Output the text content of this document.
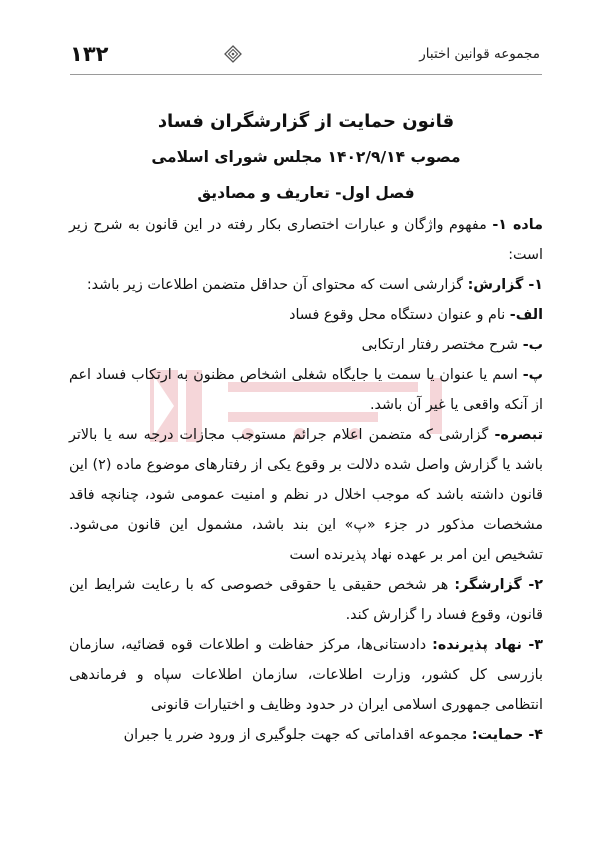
۱۳۲	مجموعه قوانین اختبار
قانون حمایت از گزارشگران فساد
مصوب ۱۴۰۲/۹/۱۴ مجلس شورای اسلامی
فصل اول- تعاریف و مصادیق

ماده ۱- مفهوم واژگان و عبارات اختصاری بکار رفته در این قانون به شرح زیر است:

۱- گزارش: گزارشی است که محتوای آن حداقل متضمن اطلاعات زیر باشد:

الف- نام و عنوان دستگاه محل وقوع فساد

ب- شرح مختصر رفتار ارتکابی

پ- اسم یا عنوان یا سمت یا جایگاه شغلی اشخاص مظنون به ارتکاب فساد اعم از آنکه واقعی یا غیر آن باشد.

تبصره- گزارشی که متضمن اعلام جرائم مستوجب مجازات درجه سه یا بالاتر باشد یا گزارش واصل شده دلالت بر وقوع یکی از رفتارهای موضوع ماده (۲) این قانون داشته باشد که موجب اخلال در نظم و امنیت عمومی شود، چنانچه فاقد مشخصات مذکور در جزء «پ» این بند باشد، مشمول این قانون می‌شود. تشخیص این امر بر عهده نهاد پذیرنده است

۲- گزارشگر: هر شخص حقیقی یا حقوقی خصوصی که با رعایت شرایط این قانون، وقوع فساد را گزارش کند.

۳- نهاد پذیرنده: دادستانی‌ها، مرکز حفاظت و اطلاعات قوه قضائیه، سازمان بازرسی کل کشور، وزارت اطلاعات، سازمان اطلاعات سپاه و فرماندهی انتظامی جمهوری اسلامی ایران در حدود وظایف و اختیارات قانونی

۴- حمایت: مجموعه اقداماتی که جهت جلوگیری از ورود ضرر یا جبران
